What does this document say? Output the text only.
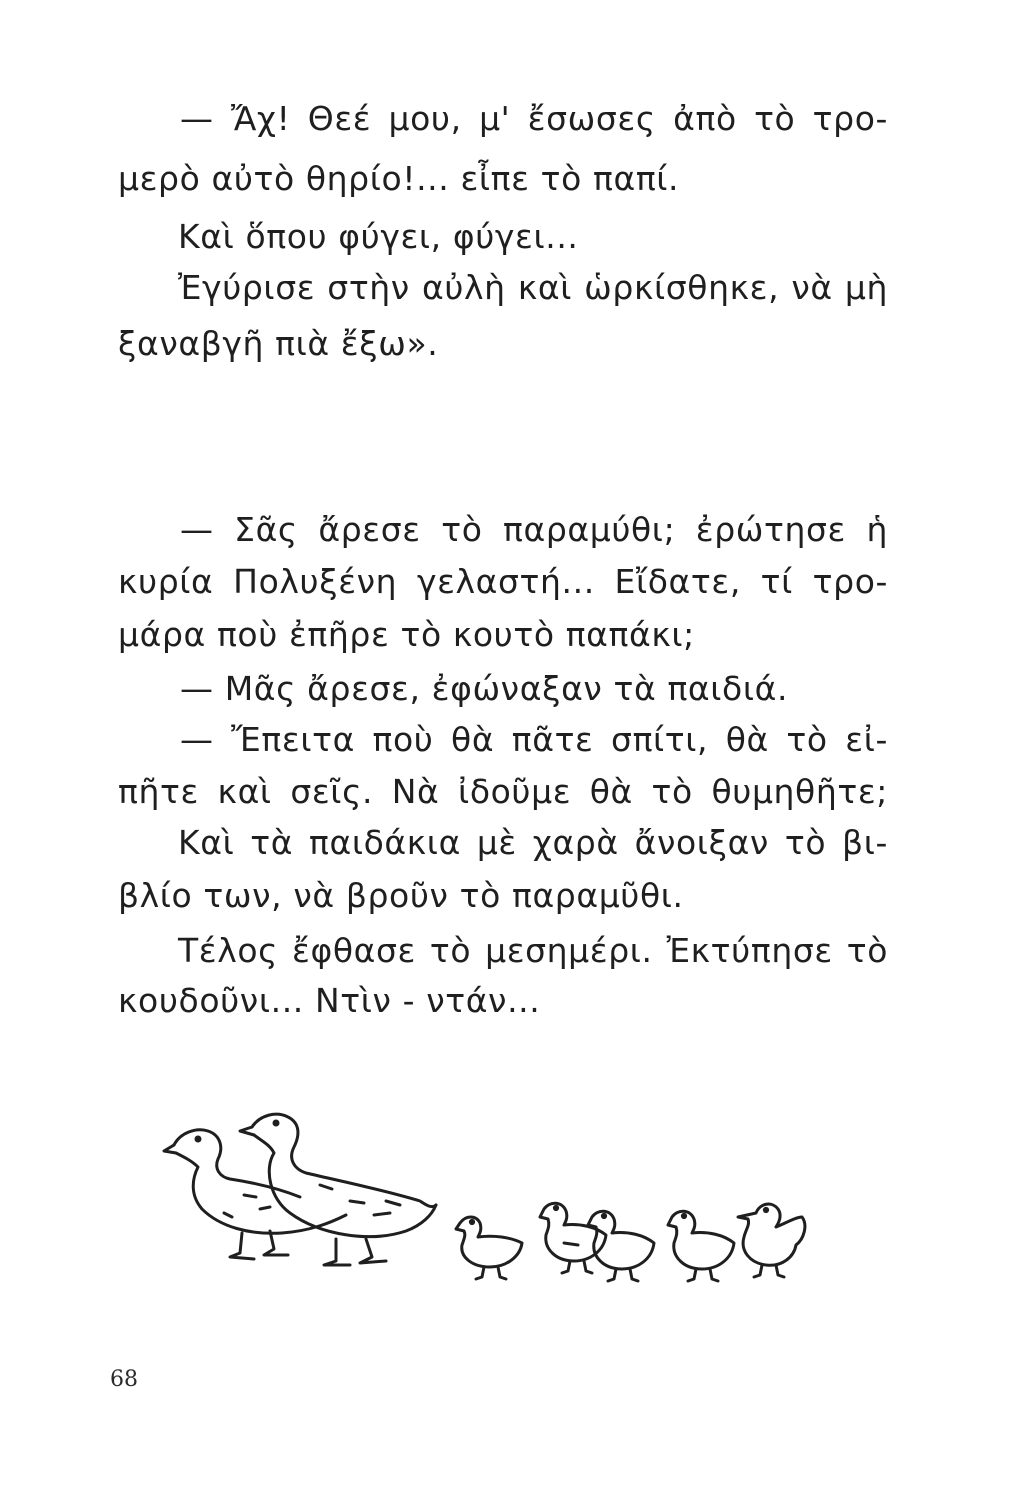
— Ἄχ! Θεέ μου, μ' ἔσωσες ἀπὸ τὸ τρο-
μερὸ αὐτὸ θηρίο!... εἶπε τὸ παπί.
Καὶ ὅπου φύγει, φύγει...
Ἐγύρισε στὴν αὐλὴ καὶ ὡρκίσθηκε, νὰ μὴ
ξαναβγῆ πιὰ ἔξω».
— Σᾶς ἄρεσε τὸ παραμύθι; ἐρώτησε ἡ
κυρία Πολυξένη γελαστή... Εἴδατε, τί τρο-
μάρα ποὺ ἐπῆρε τὸ κουτὸ παπάκι;
— Μᾶς ἄρεσε, ἐφώναξαν τὰ παιδιά.
— Ἔπειτα ποὺ θὰ πᾶτε σπίτι, θὰ τὸ εἰ-
πῆτε καὶ σεῖς. Νὰ ἰδοῦμε θὰ τὸ θυμηθῆτε;
Καὶ τὰ παιδάκια μὲ χαρὰ ἄνοιξαν τὸ βι-
βλίο των, νὰ βροῦν τὸ παραμῦθι.
Τέλος ἔφθασε τὸ μεσημέρι. Ἐκτύπησε τὸ
κουδοῦνι... Ντὶν - ντάν...
68
